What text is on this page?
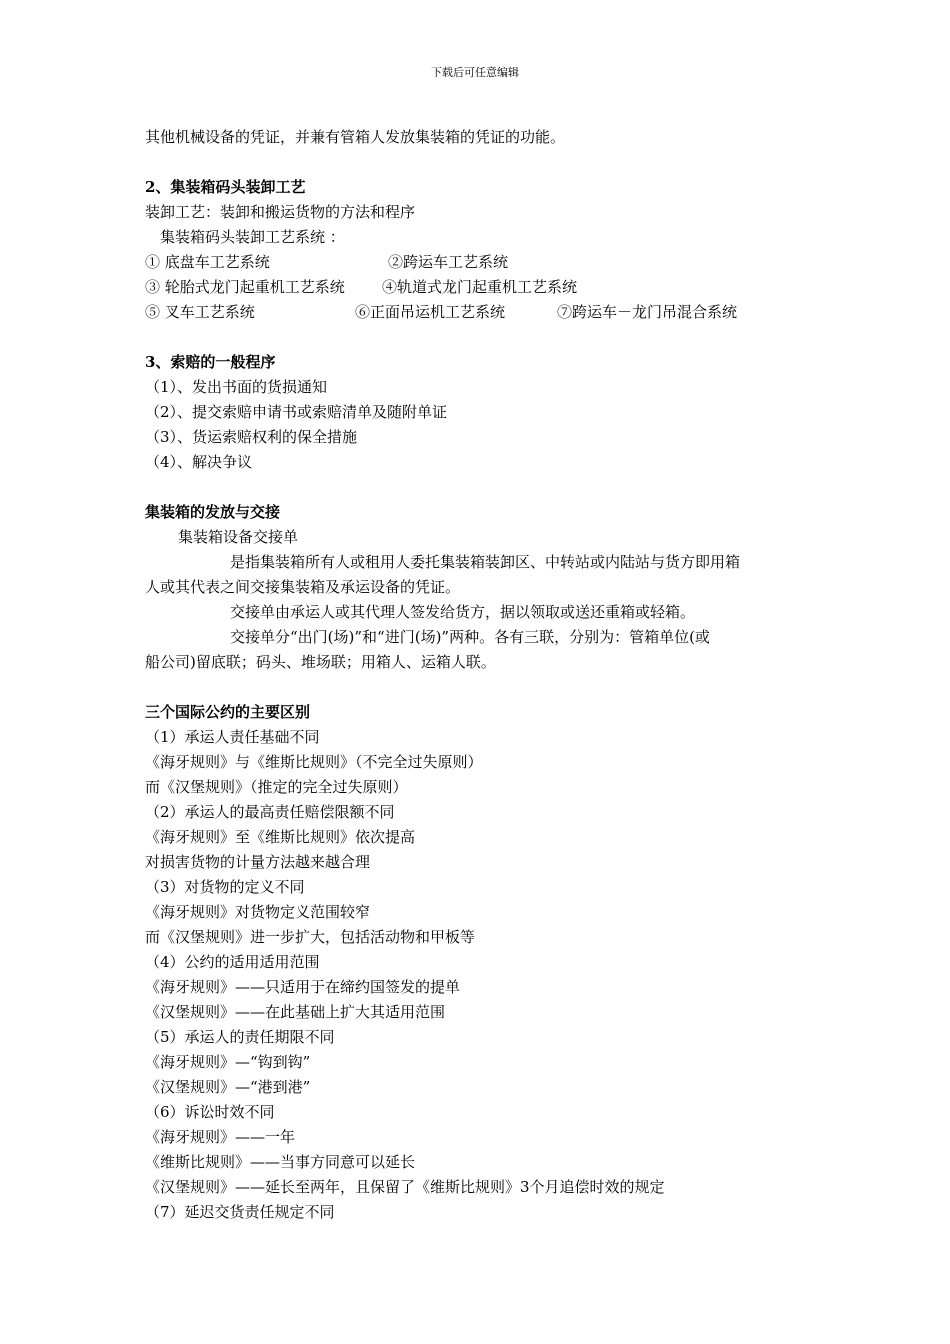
下载后可任意编辑
其他机械设备的凭证，并兼有管箱人发放集装箱的凭证的功能。
2、集装箱码头装卸工艺
装卸工艺：装卸和搬运货物的方法和程序
集装箱码头装卸工艺系统 ：
① 底盘车工艺系统	②跨运车工艺系统
③ 轮胎式龙门起重机工艺系统 ④轨道式龙门起重机工艺系统
⑤ 叉车工艺系统	⑥正面吊运机工艺系统	⑦跨运车－龙门吊混合系统
3、索赔的一般程序
（1）、发出书面的货损通知
（2）、提交索赔申请书或索赔清单及随附单证
（3）、货运索赔权利的保全措施
（4）、解决争议
集装箱的发放与交接
集装箱设备交接单
是指集装箱所有人或租用人委托集装箱装卸区、中转站或内陆站与货方即用箱
人或其代表之间交接集装箱及承运设备的凭证。
交接单由承运人或其代理人签发给货方，据以领取或送还重箱或轻箱。
交接单分“出门(场)”和“进门(场)”两种。各有三联，分别为：管箱单位(或
船公司)留底联；码头、堆场联；用箱人、运箱人联。
三个国际公约的主要区别
（1）承运人责任基础不同
《海牙规则》与《维斯比规则》（不完全过失原则）
而《汉堡规则》（推定的完全过失原则）
（2）承运人的最高责任赔偿限额不同
《海牙规则》至《维斯比规则》依次提高
对损害货物的计量方法越来越合理
（3）对货物的定义不同
《海牙规则》对货物定义范围较窄
而《汉堡规则》进一步扩大，包括活动物和甲板等
（4）公约的适用适用范围
《海牙规则》——只适用于在缔约国签发的提单
《汉堡规则》——在此基础上扩大其适用范围
（5）承运人的责任期限不同
《海牙规则》—“钩到钩”
《汉堡规则》—“港到港”
（6）诉讼时效不同
《海牙规则》——一年
《维斯比规则》——当事方同意可以延长
《汉堡规则》——延长至两年，且保留了《维斯比规则》3个月追偿时效的规定
（7）延迟交货责任规定不同
